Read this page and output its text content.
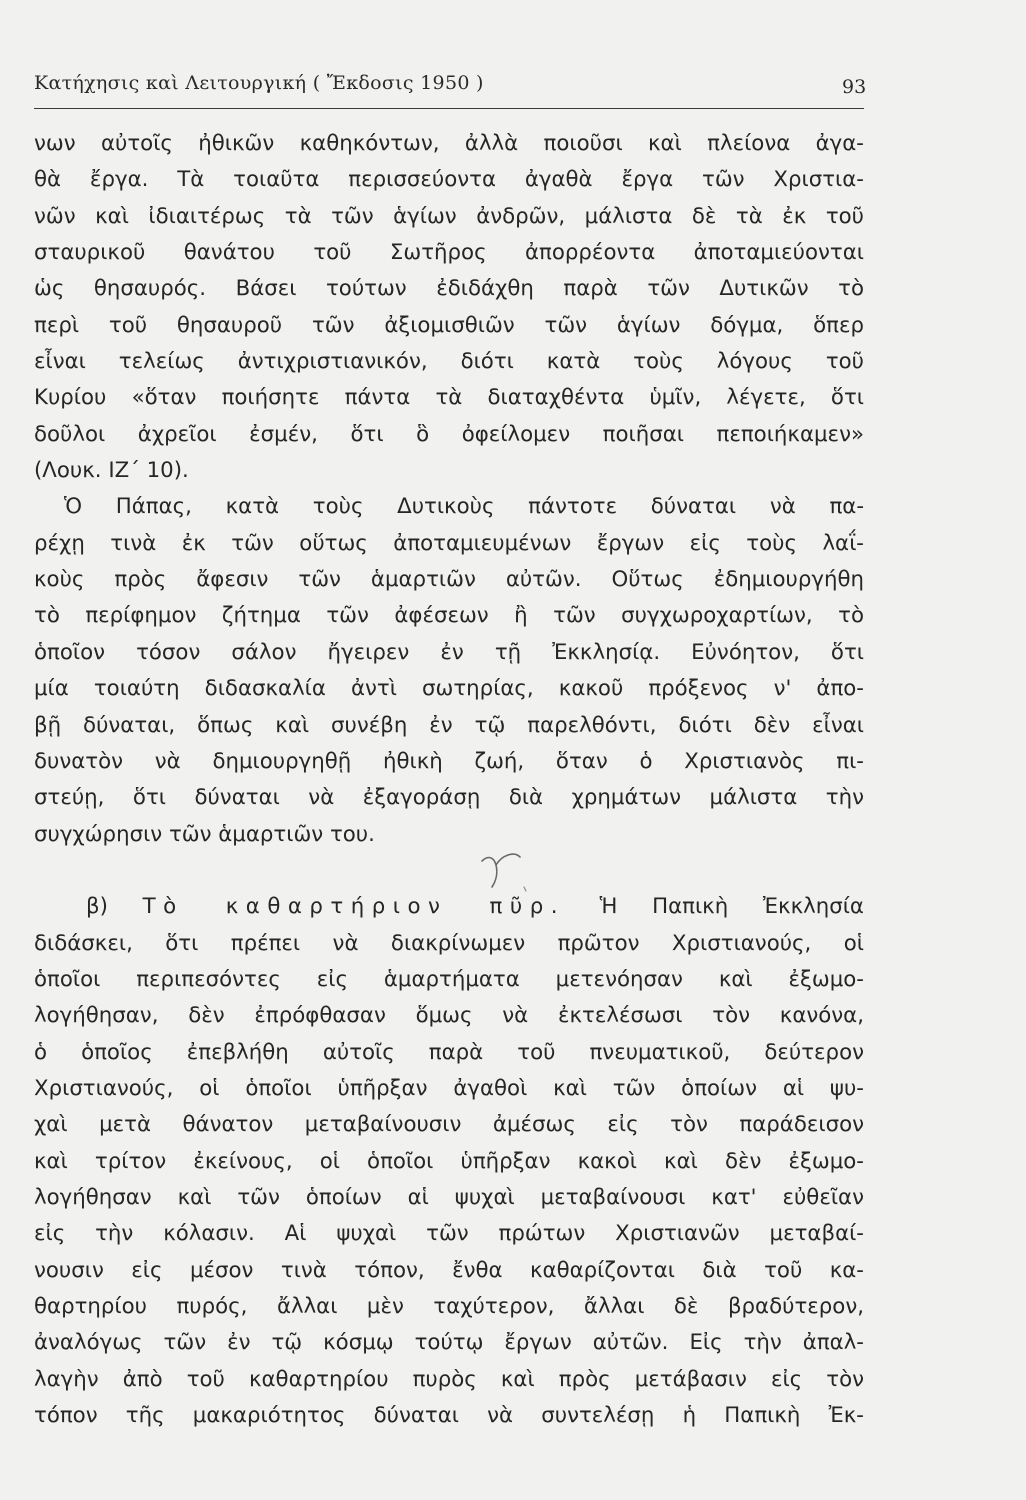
Κατήχησις καὶ Λειτουργική ( Ἔκδοσις 1950 )	93
νων αὐτοῖς ἠθικῶν καθηκόντων, ἀλλὰ ποιοῦσι καὶ πλείονα ἀγα-
θὰ ἔργα. Τὰ τοιαῦτα περισσεύοντα ἀγαθὰ ἔργα τῶν Χριστια-
νῶν καὶ ἰδιαιτέρως τὰ τῶν ἁγίων ἀνδρῶν, μάλιστα δὲ τὰ ἐκ τοῦ
σταυρικοῦ θανάτου τοῦ Σωτῆρος ἀπορρέοντα ἀποταμιεύονται
ὡς θησαυρός. Βάσει τούτων ἐδιδάχθη παρὰ τῶν Δυτικῶν τὸ
περὶ τοῦ θησαυροῦ τῶν ἀξιομισθιῶν τῶν ἁγίων δόγμα, ὅπερ
εἶναι τελείως ἀντιχριστιανικόν, διότι κατὰ τοὺς λόγους τοῦ
Κυρίου «ὅταν ποιήσητε πάντα τὰ διαταχθέντα ὑμῖν, λέγετε, ὅτι
δοῦλοι ἀχρεῖοι ἐσμέν, ὅτι ὃ ὀφείλομεν ποιῆσαι πεποιήκαμεν»
(Λουκ. ΙΖ΄ 10).
Ὁ Πάπας, κατὰ τοὺς Δυτικοὺς πάντοτε δύναται νὰ πα-
ρέχῃ τινὰ ἐκ τῶν οὕτως ἀποταμιευμένων ἔργων εἰς τοὺς λαΐ-
κοὺς πρὸς ἄφεσιν τῶν ἁμαρτιῶν αὐτῶν. Οὕτως ἐδημιουργήθη
τὸ περίφημον ζήτημα τῶν ἀφέσεων ἢ τῶν συγχωροχαρτίων, τὸ
ὁποῖον τόσον σάλον ἤγειρεν ἐν τῇ Ἐκκλησίᾳ. Εὐνόητον, ὅτι
μία τοιαύτη διδασκαλία ἀντὶ σωτηρίας, κακοῦ πρόξενος ν' ἀπο-
βῇ δύναται, ὅπως καὶ συνέβη ἐν τῷ παρελθόντι, διότι δὲν εἶναι
δυνατὸν νὰ δημιουργηθῇ ἠθικὴ ζωή, ὅταν ὁ Χριστιανὸς πι-
στεύῃ, ὅτι δύναται νὰ ἐξαγοράσῃ διὰ χρημάτων μάλιστα τὴν
συγχώρησιν τῶν ἁμαρτιῶν του.
β) Τὸ καθαρτήριον πῦρ. Ἡ Παπικὴ Ἐκκλησία
διδάσκει, ὅτι πρέπει νὰ διακρίνωμεν πρῶτον Χριστιανούς, οἱ
ὁποῖοι περιπεσόντες εἰς ἁμαρτήματα μετενόησαν καὶ ἐξωμο-
λογήθησαν, δὲν ἐπρόφθασαν ὅμως νὰ ἐκτελέσωσι τὸν κανόνα,
ὁ ὁποῖος ἐπεβλήθη αὐτοῖς παρὰ τοῦ πνευματικοῦ, δεύτερον
Χριστιανούς, οἱ ὁποῖοι ὑπῆρξαν ἀγαθοὶ καὶ τῶν ὁποίων αἱ ψυ-
χαὶ μετὰ θάνατον μεταβαίνουσιν ἀμέσως εἰς τὸν παράδεισον
καὶ τρίτον ἐκείνους, οἱ ὁποῖοι ὑπῆρξαν κακοὶ καὶ δὲν ἐξωμο-
λογήθησαν καὶ τῶν ὁποίων αἱ ψυχαὶ μεταβαίνουσι κατ' εὐθεῖαν
εἰς τὴν κόλασιν. Αἱ ψυχαὶ τῶν πρώτων Χριστιανῶν μεταβαί-
νουσιν εἰς μέσον τινὰ τόπον, ἔνθα καθαρίζονται διὰ τοῦ κα-
θαρτηρίου πυρός, ἄλλαι μὲν ταχύτερον, ἄλλαι δὲ βραδύτερον,
ἀναλόγως τῶν ἐν τῷ κόσμῳ τούτῳ ἔργων αὐτῶν. Εἰς τὴν ἀπαλ-
λαγὴν ἀπὸ τοῦ καθαρτηρίου πυρὸς καὶ πρὸς μετάβασιν εἰς τὸν
τόπον τῆς μακαριότητος δύναται νὰ συντελέσῃ ἡ Παπικὴ Ἐκ-
